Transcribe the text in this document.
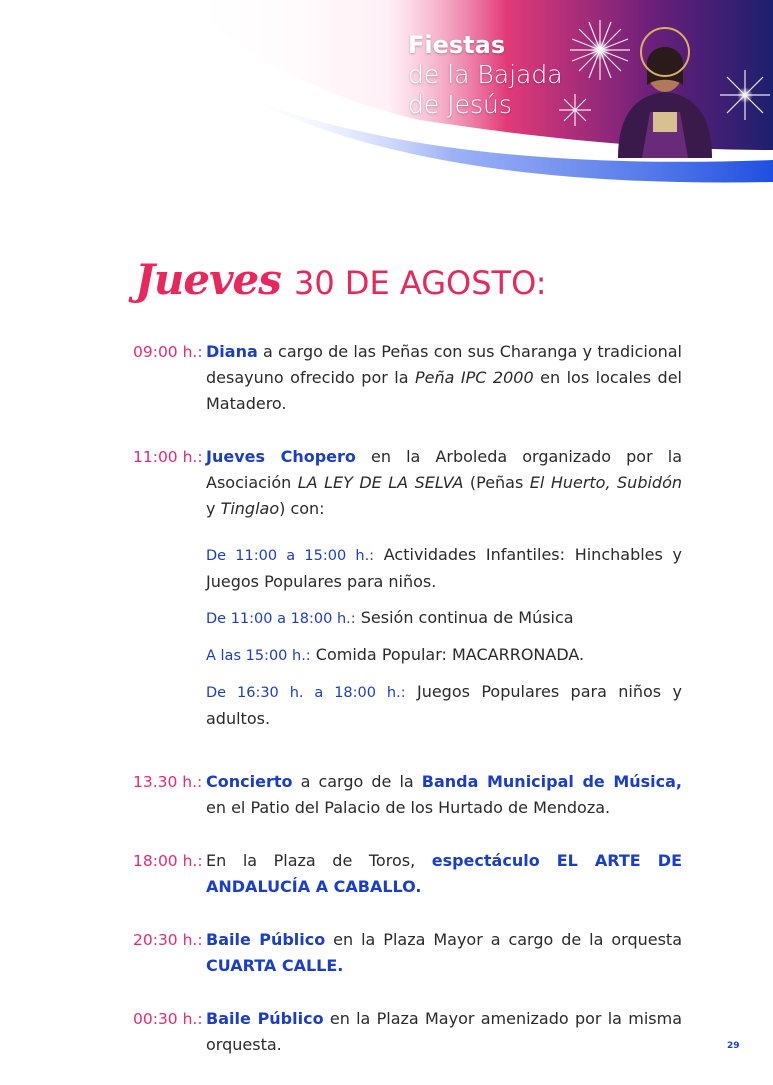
Fiestas
de la Bajada
de Jesús
Jueves 30 DE AGOSTO:
09:00 h.: Diana a cargo de las Peñas con sus Charanga y tradicional desayuno ofrecido por la Peña IPC 2000 en los locales del Matadero.
11:00 h.: Jueves Chopero en la Arboleda organizado por la Asociación LA LEY DE LA SELVA (Peñas El Huerto, Subidón y Tinglao) con:

De 11:00 a 15:00 h.: Actividades Infantiles: Hinchables y Juegos Populares para niños.

De 11:00 a 18:00 h.: Sesión continua de Música

A las 15:00 h.: Comida Popular: MACARRONADA.

De 16:30 h. a 18:00 h.: Juegos Populares para niños y adultos.

13.30 h.: Concierto a cargo de la Banda Municipal de Música, en el Patio del Palacio de los Hurtado de Mendoza.
18:00 h.: En la Plaza de Toros, espectáculo EL ARTE DE ANDALUCÍA A CABALLO.
20:30 h.: Baile Público en la Plaza Mayor a cargo de la orquesta CUARTA CALLE.
00:30 h.: Baile Público en la Plaza Mayor amenizado por la misma orquesta.	29
